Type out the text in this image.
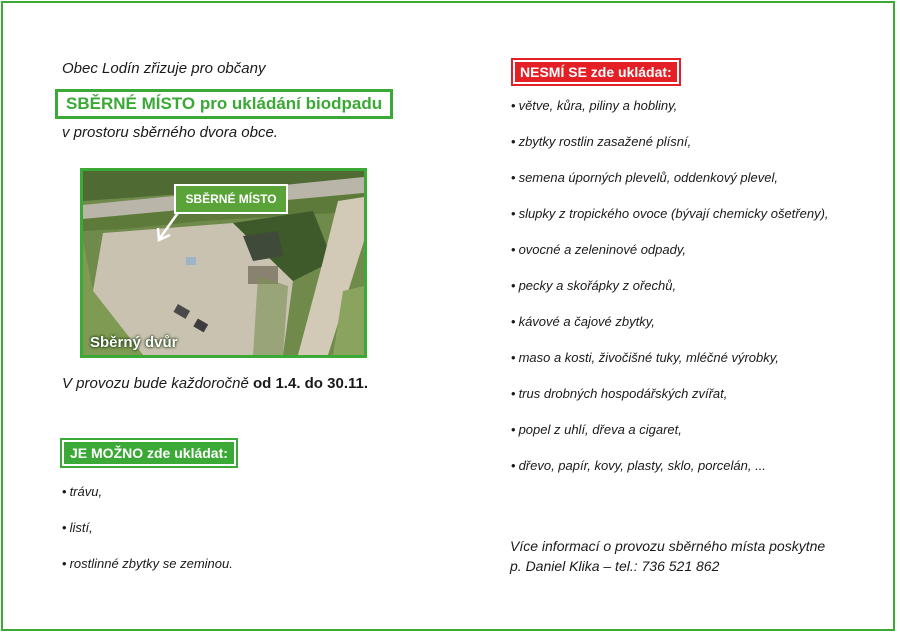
Obec Lodín zřizuje pro občany
SBĚRNÉ MÍSTO pro ukládání biodpadu
v prostoru sběrného dvora obce.
SBĚRNÉ MÍSTO
Sběrný dvůr
V provozu bude každoročně od 1.4. do 30.11.
JE MOŽNO zde ukládat:
• trávu,
• listí,
• rostlinné zbytky se zeminou.
NESMÍ SE zde ukládat:
• větve, kůra, piliny a hobliny,
• zbytky rostlin zasažené plísní,
• semena úporných plevelů, oddenkový plevel,
• slupky z tropického ovoce (bývají chemicky ošetřeny),
• ovocné a zeleninové odpady,
• pecky a skořápky z ořechů,
• kávové a čajové zbytky,
• maso a kosti, živočišné tuky, mléčné výrobky,
• trus drobných hospodářských zvířat,
• popel z uhlí, dřeva a cigaret,
• dřevo, papír, kovy, plasty, sklo, porcelán, ...
Více informací o provozu sběrného místa poskytne
p. Daniel Klika – tel.: 736 521 862
